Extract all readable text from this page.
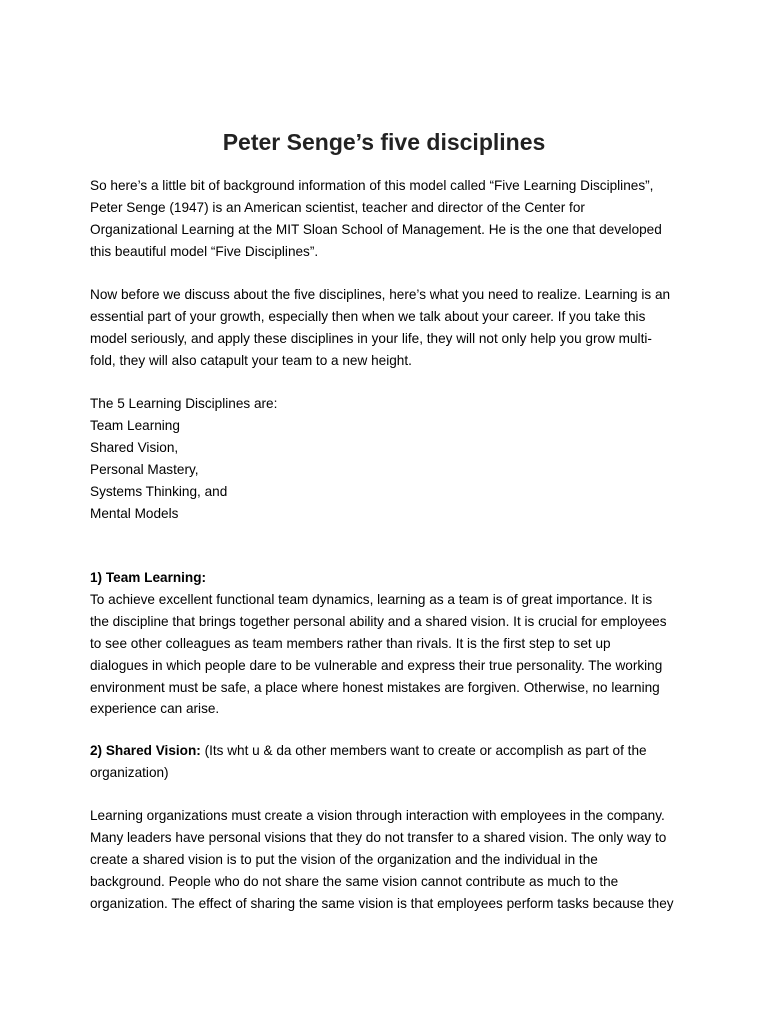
Peter Senge’s five disciplines
So here’s a little bit of background information of this model called “Five Learning Disciplines”,
Peter Senge (1947) is an American scientist, teacher and director of the Center for
Organizational Learning at the MIT Sloan School of Management. He is the one that developed
this beautiful model “Five Disciplines”.
Now before we discuss about the five disciplines, here’s what you need to realize. Learning is an
essential part of your growth, especially then when we talk about your career. If you take this
model seriously, and apply these disciplines in your life, they will not only help you grow multi-
fold, they will also catapult your team to a new height.
The 5 Learning Disciplines are:
Team Learning
Shared Vision,
Personal Mastery,
Systems Thinking, and
Mental Models
1) Team Learning:
To achieve excellent functional team dynamics, learning as a team is of great importance. It is
the discipline that brings together personal ability and a shared vision. It is crucial for employees
to see other colleagues as team members rather than rivals. It is the first step to set up
dialogues in which people dare to be vulnerable and express their true personality. The working
environment must be safe, a place where honest mistakes are forgiven. Otherwise, no learning
experience can arise.
2) Shared Vision: (Its wht u & da other members want to create or accomplish as part of the
organization)
Learning organizations must create a vision through interaction with employees in the company.
Many leaders have personal visions that they do not transfer to a shared vision. The only way to
create a shared vision is to put the vision of the organization and the individual in the
background. People who do not share the same vision cannot contribute as much to the
organization. The effect of sharing the same vision is that employees perform tasks because they
